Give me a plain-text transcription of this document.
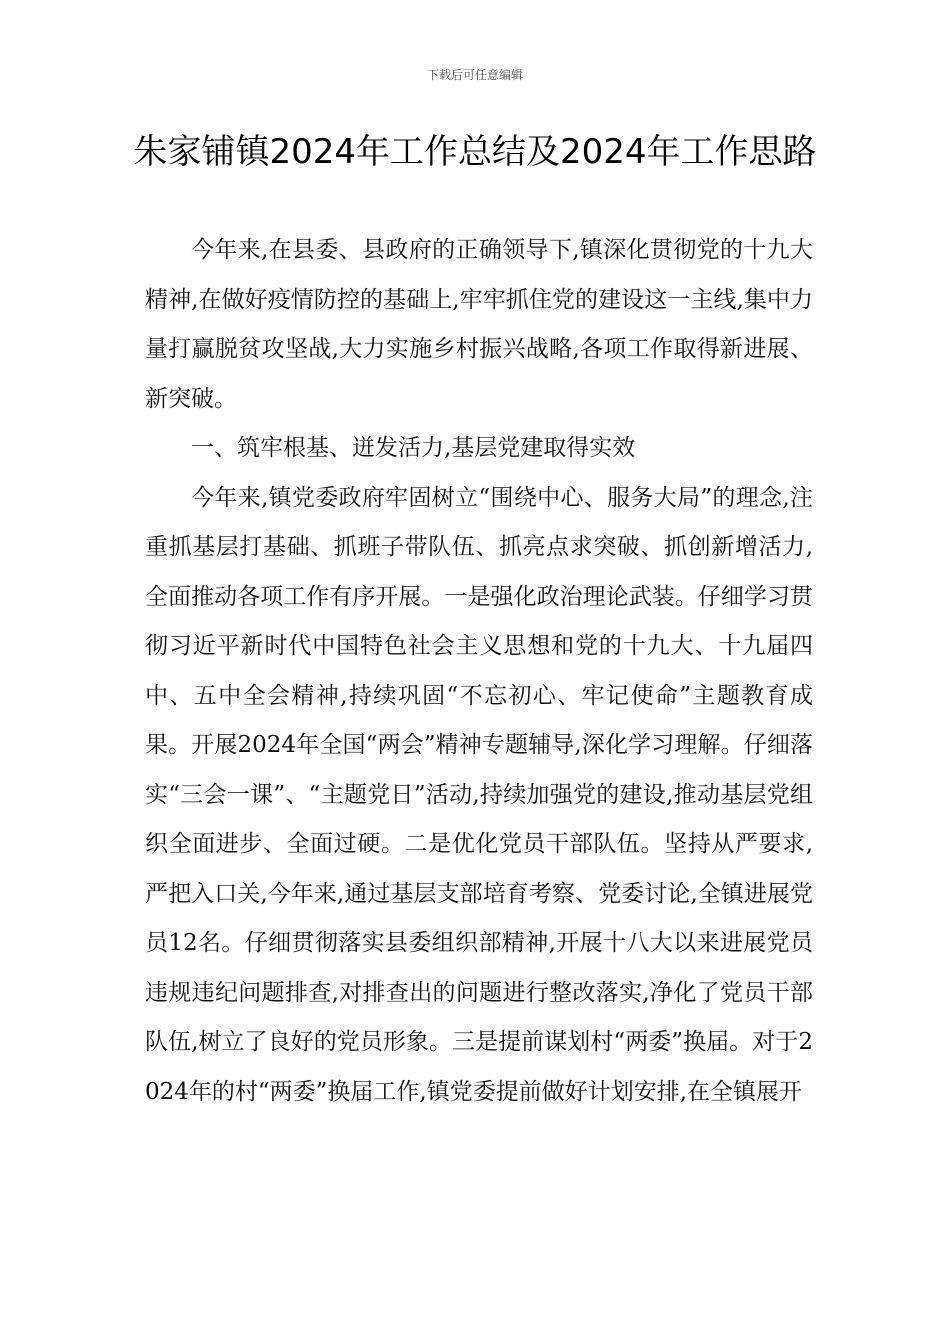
下载后可任意编辑
朱家铺镇2024年工作总结及2024年工作思路

今年来,在县委、县政府的正确领导下,镇深化贯彻党的十九大精神,在做好疫情防控的基础上,牢牢抓住党的建设这一主线,集中力量打赢脱贫攻坚战,大力实施乡村振兴战略,各项工作取得新进展、新突破。

一、筑牢根基、迸发活力,基层党建取得实效

今年来,镇党委政府牢固树立“围绕中心、服务大局”的理念,注重抓基层打基础、抓班子带队伍、抓亮点求突破、抓创新增活力,全面推动各项工作有序开展。一是强化政治理论武装。仔细学习贯彻习近平新时代中国特色社会主义思想和党的十九大、十九届四中、五中全会精神,持续巩固“不忘初心、牢记使命”主题教育成果。开展2024年全国“两会”精神专题辅导,深化学习理解。仔细落实“三会一课”、“主题党日”活动,持续加强党的建设,推动基层党组织全面进步、全面过硬。二是优化党员干部队伍。坚持从严要求,严把入口关,今年来,通过基层支部培育考察、党委讨论,全镇进展党员12名。仔细贯彻落实县委组织部精神,开展十八大以来进展党员违规违纪问题排查,对排查出的问题进行整改落实,净化了党员干部队伍,树立了良好的党员形象。三是提前谋划村“两委”换届。对于2024年的村“两委”换届工作,镇党委提前做好计划安排,在全镇展开
